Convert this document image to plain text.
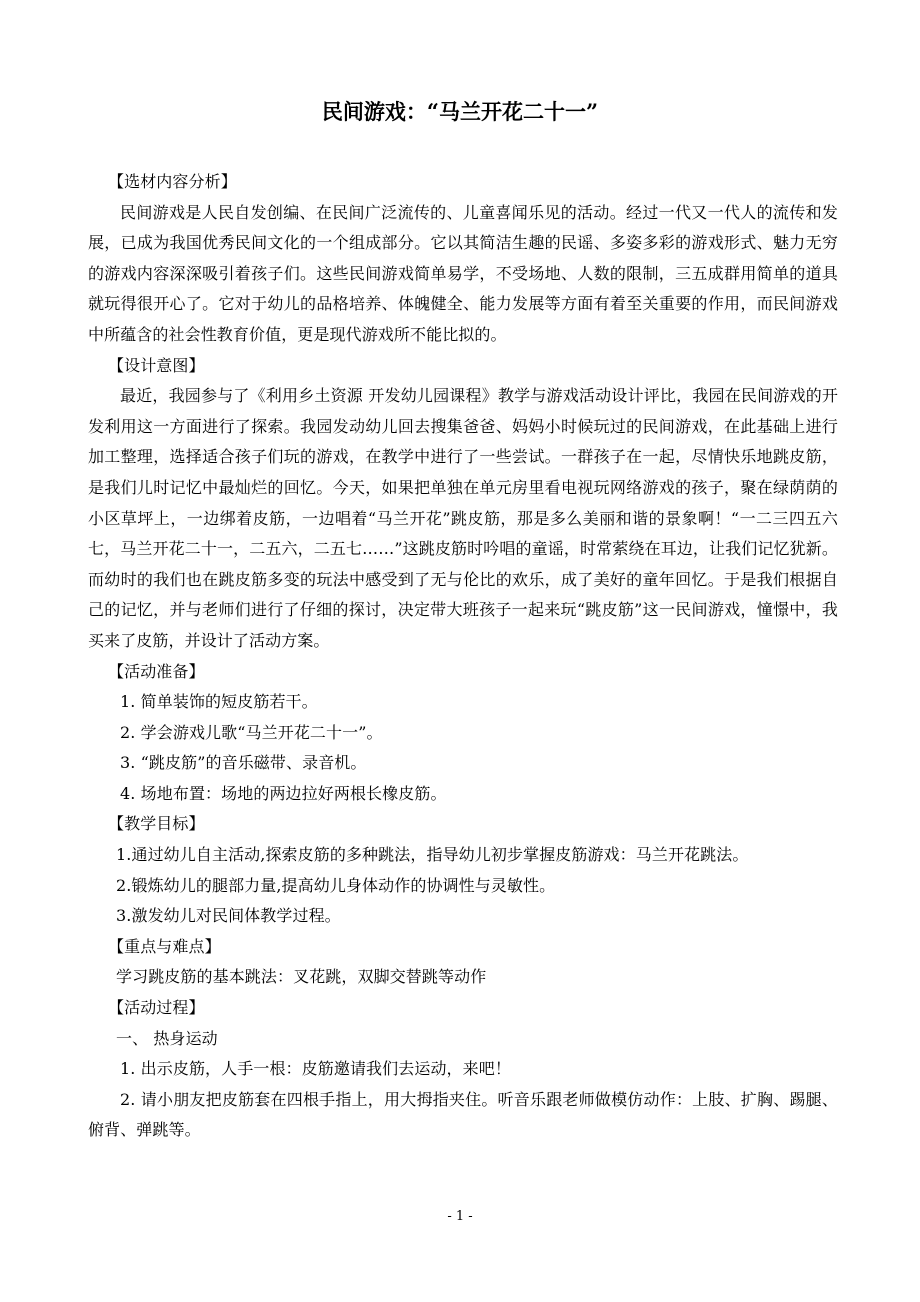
民间游戏：“马兰开花二十一”

【选材内容分析】

民间游戏是人民自发创编、在民间广泛流传的、儿童喜闻乐见的活动。经过一代又一代人的流传和发展，已成为我国优秀民间文化的一个组成部分。它以其简洁生趣的民谣、多姿多彩的游戏形式、魅力无穷的游戏内容深深吸引着孩子们。这些民间游戏简单易学，不受场地、人数的限制，三五成群用简单的道具就玩得很开心了。它对于幼儿的品格培养、体魄健全、能力发展等方面有着至关重要的作用，而民间游戏中所蕴含的社会性教育价值，更是现代游戏所不能比拟的。

【设计意图】

最近，我园参与了《利用乡土资源 开发幼儿园课程》教学与游戏活动设计评比，我园在民间游戏的开发利用这一方面进行了探索。我园发动幼儿回去搜集爸爸、妈妈小时候玩过的民间游戏，在此基础上进行加工整理，选择适合孩子们玩的游戏，在教学中进行了一些尝试。一群孩子在一起，尽情快乐地跳皮筋，是我们儿时记忆中最灿烂的回忆。今天，如果把单独在单元房里看电视玩网络游戏的孩子，聚在绿荫荫的小区草坪上，一边绑着皮筋，一边唱着“马兰开花”跳皮筋，那是多么美丽和谐的景象啊！“一二三四五六七，马兰开花二十一，二五六，二五七……”这跳皮筋时吟唱的童谣，时常萦绕在耳边，让我们记忆犹新。而幼时的我们也在跳皮筋多变的玩法中感受到了无与伦比的欢乐，成了美好的童年回忆。于是我们根据自己的记忆，并与老师们进行了仔细的探讨，决定带大班孩子一起来玩“跳皮筋”这一民间游戏，憧憬中，我买来了皮筋，并设计了活动方案。

【活动准备】

1. 简单装饰的短皮筋若干。

2. 学会游戏儿歌“马兰开花二十一”。

3. “跳皮筋”的音乐磁带、录音机。

4. 场地布置：场地的两边拉好两根长橡皮筋。

【教学目标】

1.通过幼儿自主活动,探索皮筋的多种跳法，指导幼儿初步掌握皮筋游戏：马兰开花跳法。

2.锻炼幼儿的腿部力量,提高幼儿身体动作的协调性与灵敏性。

3.激发幼儿对民间体教学过程。

【重点与难点】

学习跳皮筋的基本跳法：叉花跳，双脚交替跳等动作

【活动过程】

一、 热身运动

1. 出示皮筋，人手一根：皮筋邀请我们去运动，来吧！

2. 请小朋友把皮筋套在四根手指上，用大拇指夹住。听音乐跟老师做模仿动作：上肢、扩胸、踢腿、俯背、弹跳等。

- 1 -
